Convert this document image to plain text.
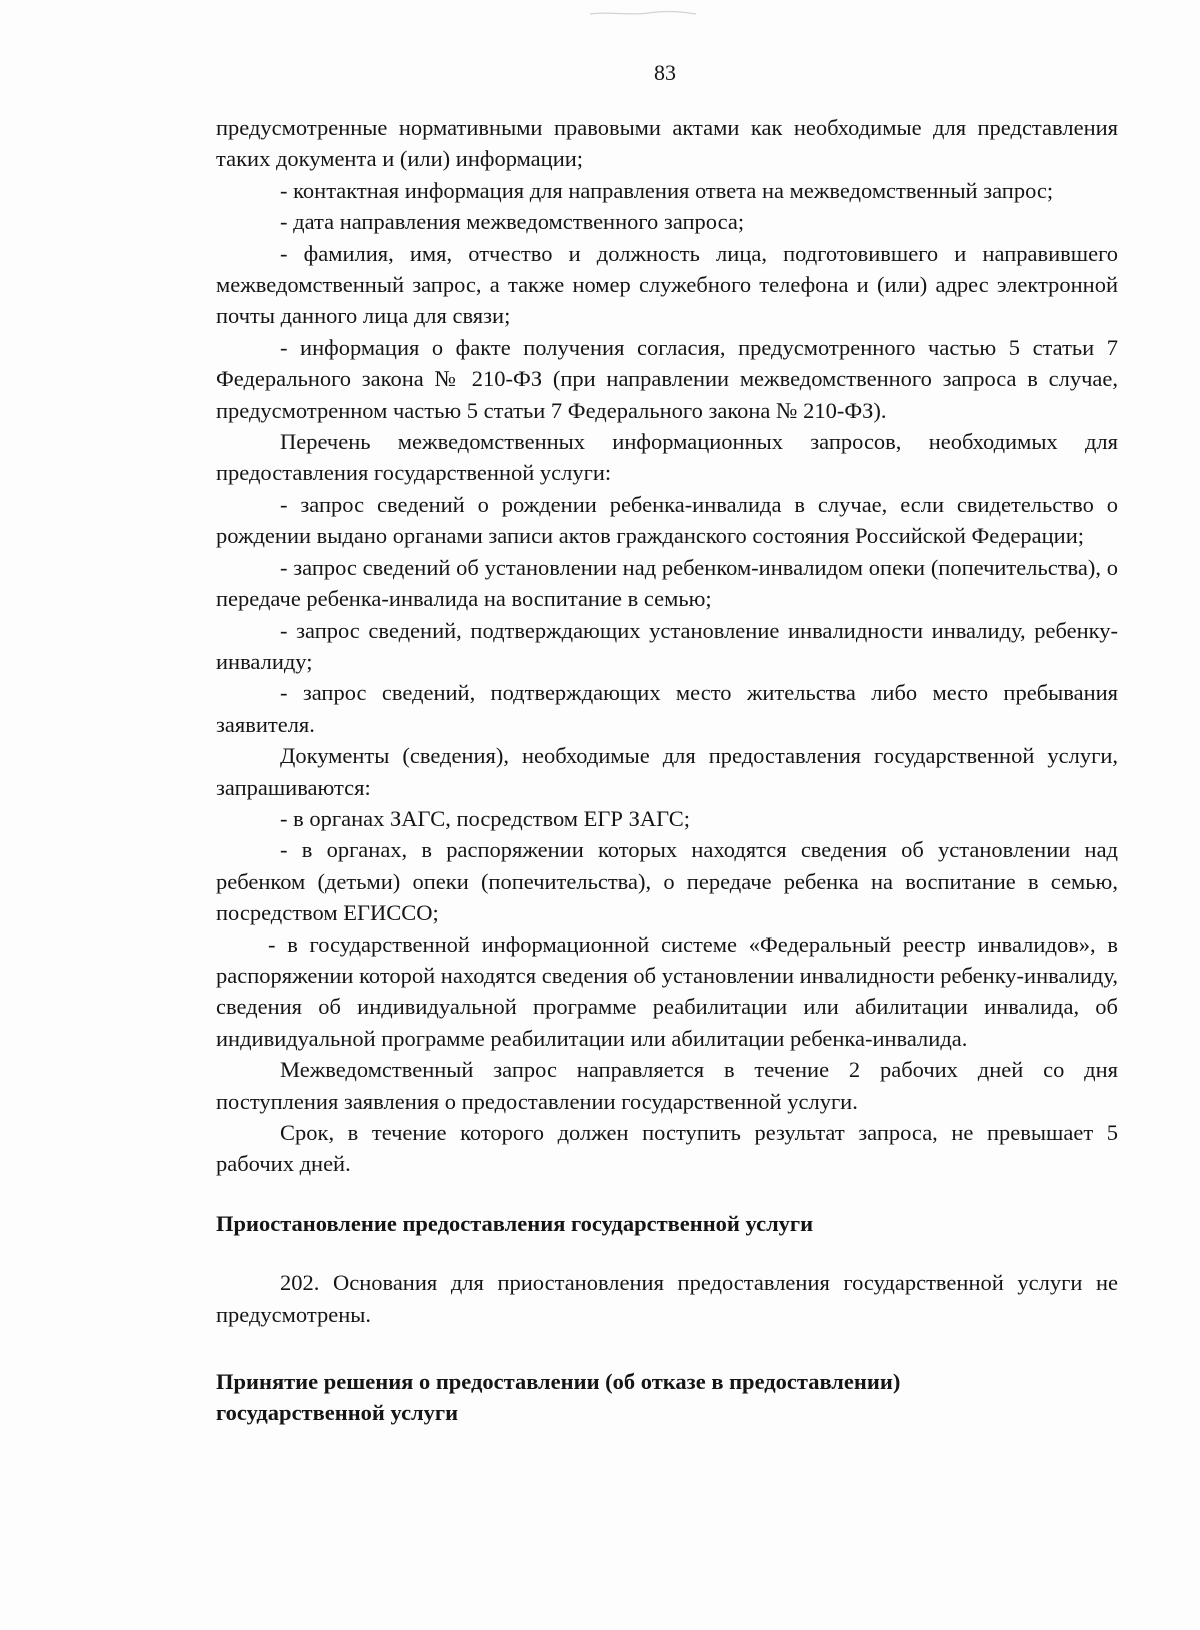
83

предусмотренные нормативными правовыми актами как необходимые для представления таких документа и (или) информации;

- контактная информация для направления ответа на межведомственный запрос;

- дата направления межведомственного запроса;

- фамилия, имя, отчество и должность лица, подготовившего и направившего межведомственный запрос, а также номер служебного телефона и (или) адрес электронной почты данного лица для связи;

- информация о факте получения согласия, предусмотренного частью 5 статьи 7 Федерального закона № 210-ФЗ (при направлении межведомственного запроса в случае, предусмотренном частью 5 статьи 7 Федерального закона № 210-ФЗ).

Перечень межведомственных информационных запросов, необходимых для предоставления государственной услуги:

- запрос сведений о рождении ребенка-инвалида в случае, если свидетельство о рождении выдано органами записи актов гражданского состояния Российской Федерации;

- запрос сведений об установлении над ребенком-инвалидом опеки (попечительства), о передаче ребенка-инвалида на воспитание в семью;

- запрос сведений, подтверждающих установление инвалидности инвалиду, ребенку-инвалиду;

- запрос сведений, подтверждающих место жительства либо место пребывания заявителя.

Документы (сведения), необходимые для предоставления государственной услуги, запрашиваются:

- в органах ЗАГС, посредством ЕГР ЗАГС;

- в органах, в распоряжении которых находятся сведения об установлении над ребенком (детьми) опеки (попечительства), о передаче ребенка на воспитание в семью, посредством ЕГИССО;

- в государственной информационной системе «Федеральный реестр инвалидов», в распоряжении которой находятся сведения об установлении инвалидности ребенку-инвалиду, сведения об индивидуальной программе реабилитации или абилитации инвалида, об индивидуальной программе реабилитации или абилитации ребенка-инвалида.

Межведомственный запрос направляется в течение 2 рабочих дней со дня поступления заявления о предоставлении государственной услуги.

Срок, в течение которого должен поступить результат запроса, не превышает 5 рабочих дней.

Приостановление предоставления государственной услуги

202. Основания для приостановления предоставления государственной услуги не предусмотрены.

Принятие решения о предоставлении (об отказе в предоставлении)
государственной услуги
